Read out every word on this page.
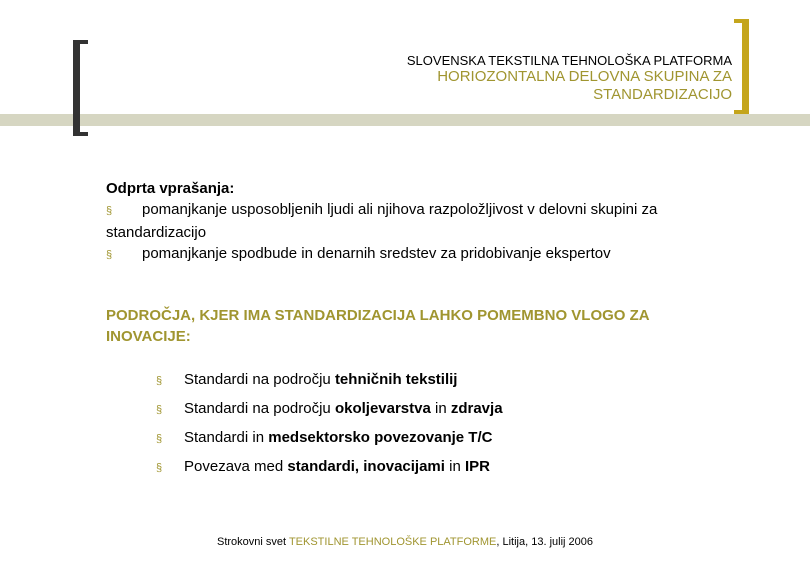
SLOVENSKA TEKSTILNA TEHNOLOŠKA PLATFORMA
HORIOZONTALNA DELOVNA SKUPINA ZA
STANDARDIZACIJO
Odprta vprašanja:
§ pomanjkanje usposobljenih ljudi ali njihova razpoložljivost v delovni skupini za
standardizacijo
§ pomanjkanje spodbude in denarnih sredstev za pridobivanje ekspertov
PODROČJA, KJER IMA STANDARDIZACIJA LAHKO POMEMBNO VLOGO ZA
INOVACIJE:
§ Standardi na področju tehničnih tekstilij
§ Standardi na področju okoljevarstva in zdravja
§ Standardi in medsektorsko povezovanje T/C
§ Povezava med standardi, inovacijami in IPR
Strokovni svet TEKSTILNE TEHNOLOŠKE PLATFORME, Litija, 13. julij 2006
